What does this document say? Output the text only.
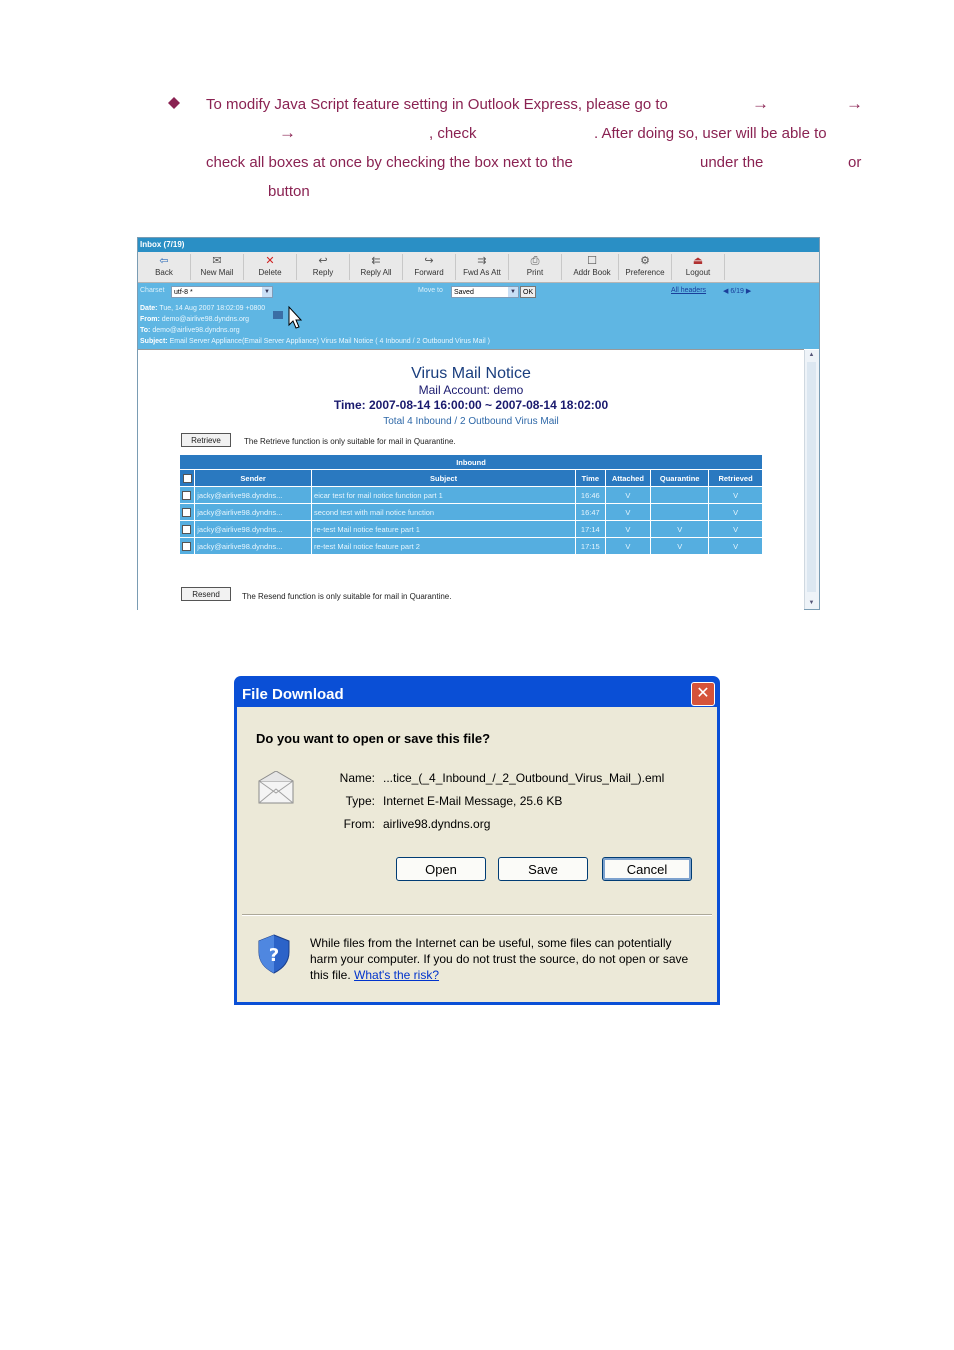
To modify Java Script feature setting in Outlook Express, please go to	→	→
→	, check	. After doing so, user will be able to
check all boxes at once by checking the box next to the	under the	or
button
Inbox (7/19)
⇦
Back
✉
New Mail
✕
Delete
↩
Reply
⇇
Reply All
↪
Forward
⇉
Fwd As Att
⎙
Print
☐
Addr Book
⚙
Preference
⏏
Logout
Charset	utf-8 *	▼	Move to	Saved	▼	OK	All headers ◀ 6/19 ▶
Date: Tue, 14 Aug 2007 18:02:09 +0800
From: demo@airlive98.dyndns.org
To: demo@airlive98.dyndns.org
Subject: Email Server Appliance(Email Server Appliance) Virus Mail Notice ( 4 Inbound / 2 Outbound Virus Mail )
Virus Mail Notice
Mail Account: demo
Time: 2007-08-14 16:00:00 ~ 2007-08-14 18:02:00
Total 4 Inbound / 2 Outbound Virus Mail
Retrieve	The Retrieve function is only suitable for mail in Quarantine.
Inbound						
	Sender	Subject	Time	Attached	Quarantine	Retrieved
	jacky@airlive98.dyndns...	eicar test for mail notice function part 1	16:46	V		V
	jacky@airlive98.dyndns...	second test with mail notice function	16:47	V		V
	jacky@airlive98.dyndns...	re-test Mail notice feature part 1	17:14	V	V	V
	jacky@airlive98.dyndns...	re-test Mail notice feature part 2	17:15	V	V	V
Resend	The Resend function is only suitable for mail in Quarantine.
▲
▼
File Download	✕
Do you want to open or save this file?
Name: ...tice_(_4_Inbound_/_2_Outbound_Virus_Mail_).eml
Type: Internet E-Mail Message, 25.6 KB
From: airlive98.dyndns.org
Open	Save	Cancel
?
While files from the Internet can be useful, some files can potentially harm your computer. If you do not trust the source, do not open or save this file. What's the risk?
